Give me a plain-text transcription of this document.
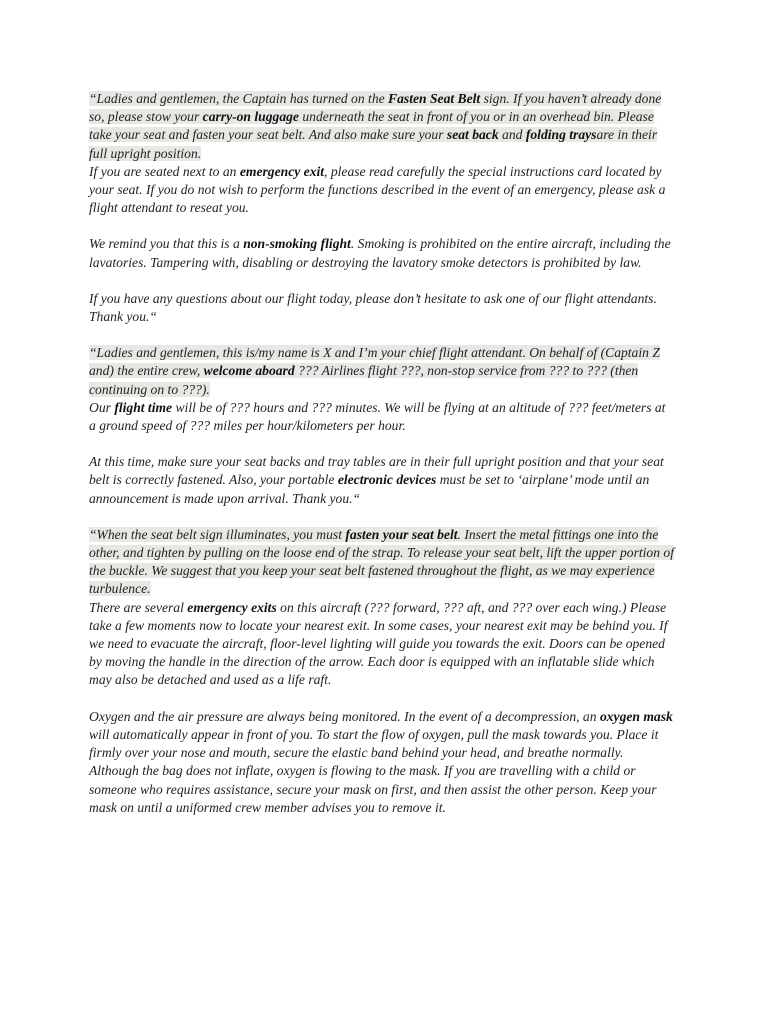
“Ladies and gentlemen, the Captain has turned on the Fasten Seat Belt sign. If you haven’t already done so, please stow your carry-on luggage underneath the seat in front of you or in an overhead bin. Please take your seat and fasten your seat belt. And also make sure your seat back and folding traysare in their full upright position.

If you are seated next to an emergency exit, please read carefully the special instructions card located by your seat. If you do not wish to perform the functions described in the event of an emergency, please ask a flight attendant to reseat you.

We remind you that this is a non-smoking flight. Smoking is prohibited on the entire aircraft, including the lavatories. Tampering with, disabling or destroying the lavatory smoke detectors is prohibited by law.

If you have any questions about our flight today, please don’t hesitate to ask one of our flight attendants. Thank you.“

“Ladies and gentlemen, this is/my name is X and I’m your chief flight attendant. On behalf of (Captain Z and) the entire crew, welcome aboard ??? Airlines flight ???, non-stop service from ??? to ??? (then continuing on to ???).

Our flight time will be of ??? hours and ??? minutes. We will be flying at an altitude of ??? feet/meters at a ground speed of ??? miles per hour/kilometers per hour.

At this time, make sure your seat backs and tray tables are in their full upright position and that your seat belt is correctly fastened. Also, your portable electronic devices must be set to ‘airplane’ mode until an announcement is made upon arrival. Thank you.“

“When the seat belt sign illuminates, you must fasten your seat belt. Insert the metal fittings one into the other, and tighten by pulling on the loose end of the strap. To release your seat belt, lift the upper portion of the buckle. We suggest that you keep your seat belt fastened throughout the flight, as we may experience turbulence.

There are several emergency exits on this aircraft (??? forward, ??? aft, and ??? over each wing.) Please take a few moments now to locate your nearest exit. In some cases, your nearest exit may be behind you. If we need to evacuate the aircraft, floor-level lighting will guide you towards the exit. Doors can be opened by moving the handle in the direction of the arrow. Each door is equipped with an inflatable slide which may also be detached and used as a life raft.

Oxygen and the air pressure are always being monitored. In the event of a decompression, an oxygen mask will automatically appear in front of you. To start the flow of oxygen, pull the mask towards you. Place it firmly over your nose and mouth, secure the elastic band behind your head, and breathe normally. Although the bag does not inflate, oxygen is flowing to the mask. If you are travelling with a child or someone who requires assistance, secure your mask on first, and then assist the other person. Keep your mask on until a uniformed crew member advises you to remove it.
